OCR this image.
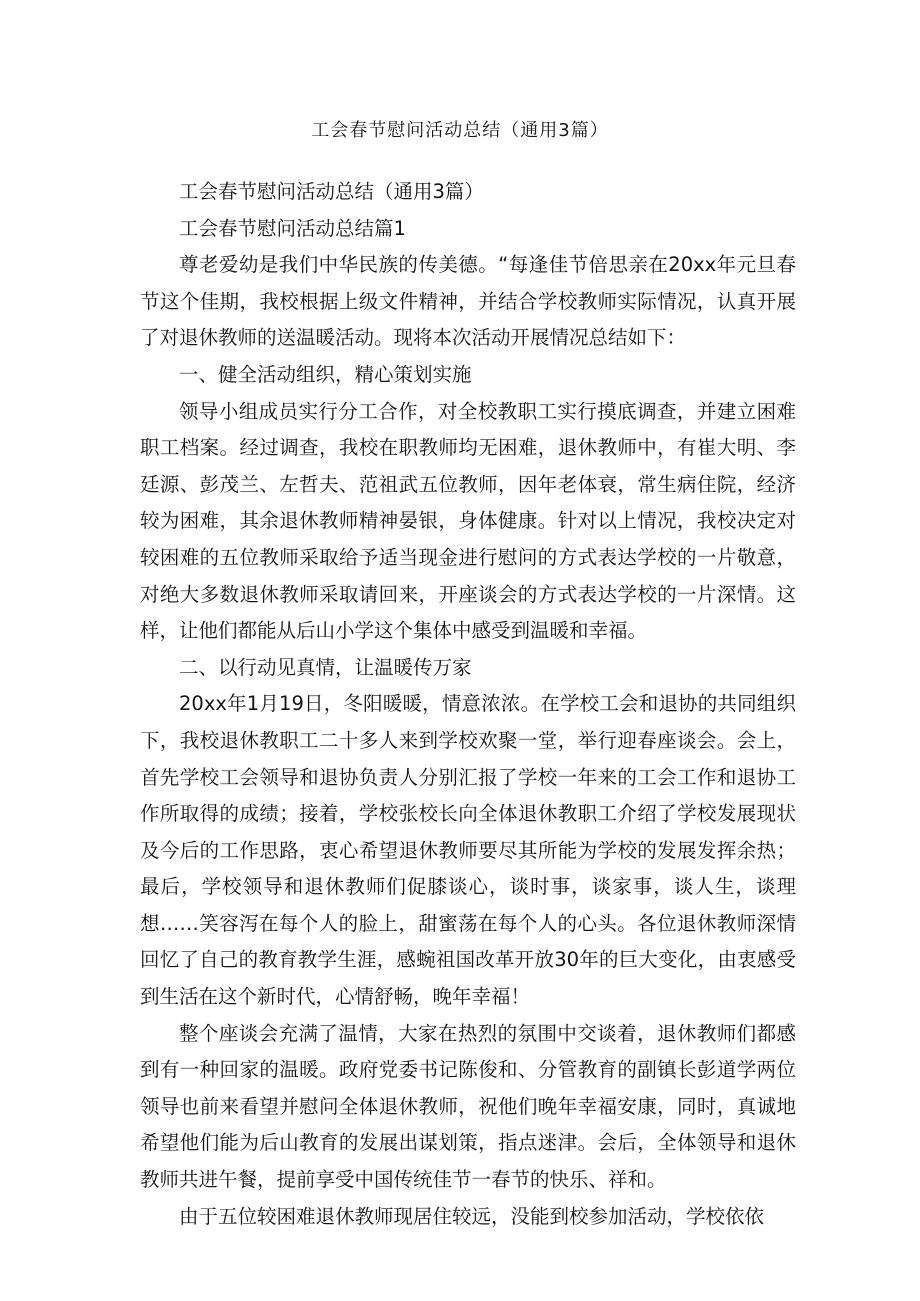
工会春节慰问活动总结（通用3篇）

工会春节慰问活动总结（通用3篇）

工会春节慰问活动总结篇1

尊老爱幼是我们中华民族的传美德。“每逢佳节倍思亲在20xx年元旦春节这个佳期，我校根据上级文件精神，并结合学校教师实际情况，认真开展了对退休教师的送温暖活动。现将本次活动开展情况总结如下：

一、健全活动组织，精心策划实施

领导小组成员实行分工合作，对全校教职工实行摸底调查，并建立困难职工档案。经过调查，我校在职教师均无困难，退休教师中，有崔大明、李廷源、彭茂兰、左哲夫、范祖武五位教师，因年老体衰，常生病住院，经济较为困难，其余退休教师精神晏银，身体健康。针对以上情况，我校决定对较困难的五位教师采取给予适当现金进行慰问的方式表达学校的一片敬意，对绝大多数退休教师采取请回来，开座谈会的方式表达学校的一片深情。这样，让他们都能从后山小学这个集体中感受到温暖和幸福。

二、以行动见真情，让温暖传万家

20xx年1月19日，冬阳暖暖，情意浓浓。在学校工会和退协的共同组织下，我校退休教职工二十多人来到学校欢聚一堂，举行迎春座谈会。会上，首先学校工会领导和退协负责人分别汇报了学校一年来的工会工作和退协工作所取得的成绩；接着，学校张校长向全体退休教职工介绍了学校发展现状及今后的工作思路，衷心希望退休教师要尽其所能为学校的发展发挥余热；最后，学校领导和退休教师们促膝谈心，谈时事，谈家事，谈人生，谈理想……笑容泻在每个人的脸上，甜蜜荡在每个人的心头。各位退休教师深情回忆了自己的教育教学生涯，感蜿祖国改革开放30年的巨大变化，由衷感受到生活在这个新时代，心情舒畅，晚年幸福！

整个座谈会充满了温情，大家在热烈的氛围中交谈着，退休教师们都感到有一种回家的温暖。政府党委书记陈俊和、分管教育的副镇长彭道学两位领导也前来看望并慰问全体退休教师，祝他们晚年幸福安康，同时，真诚地希望他们能为后山教育的发展出谋划策，指点迷津。会后，全体领导和退休教师共进午餐，提前享受中国传统佳节一春节的快乐、祥和。

由于五位较困难退休教师现居住较远，没能到校参加活动，学校依依
